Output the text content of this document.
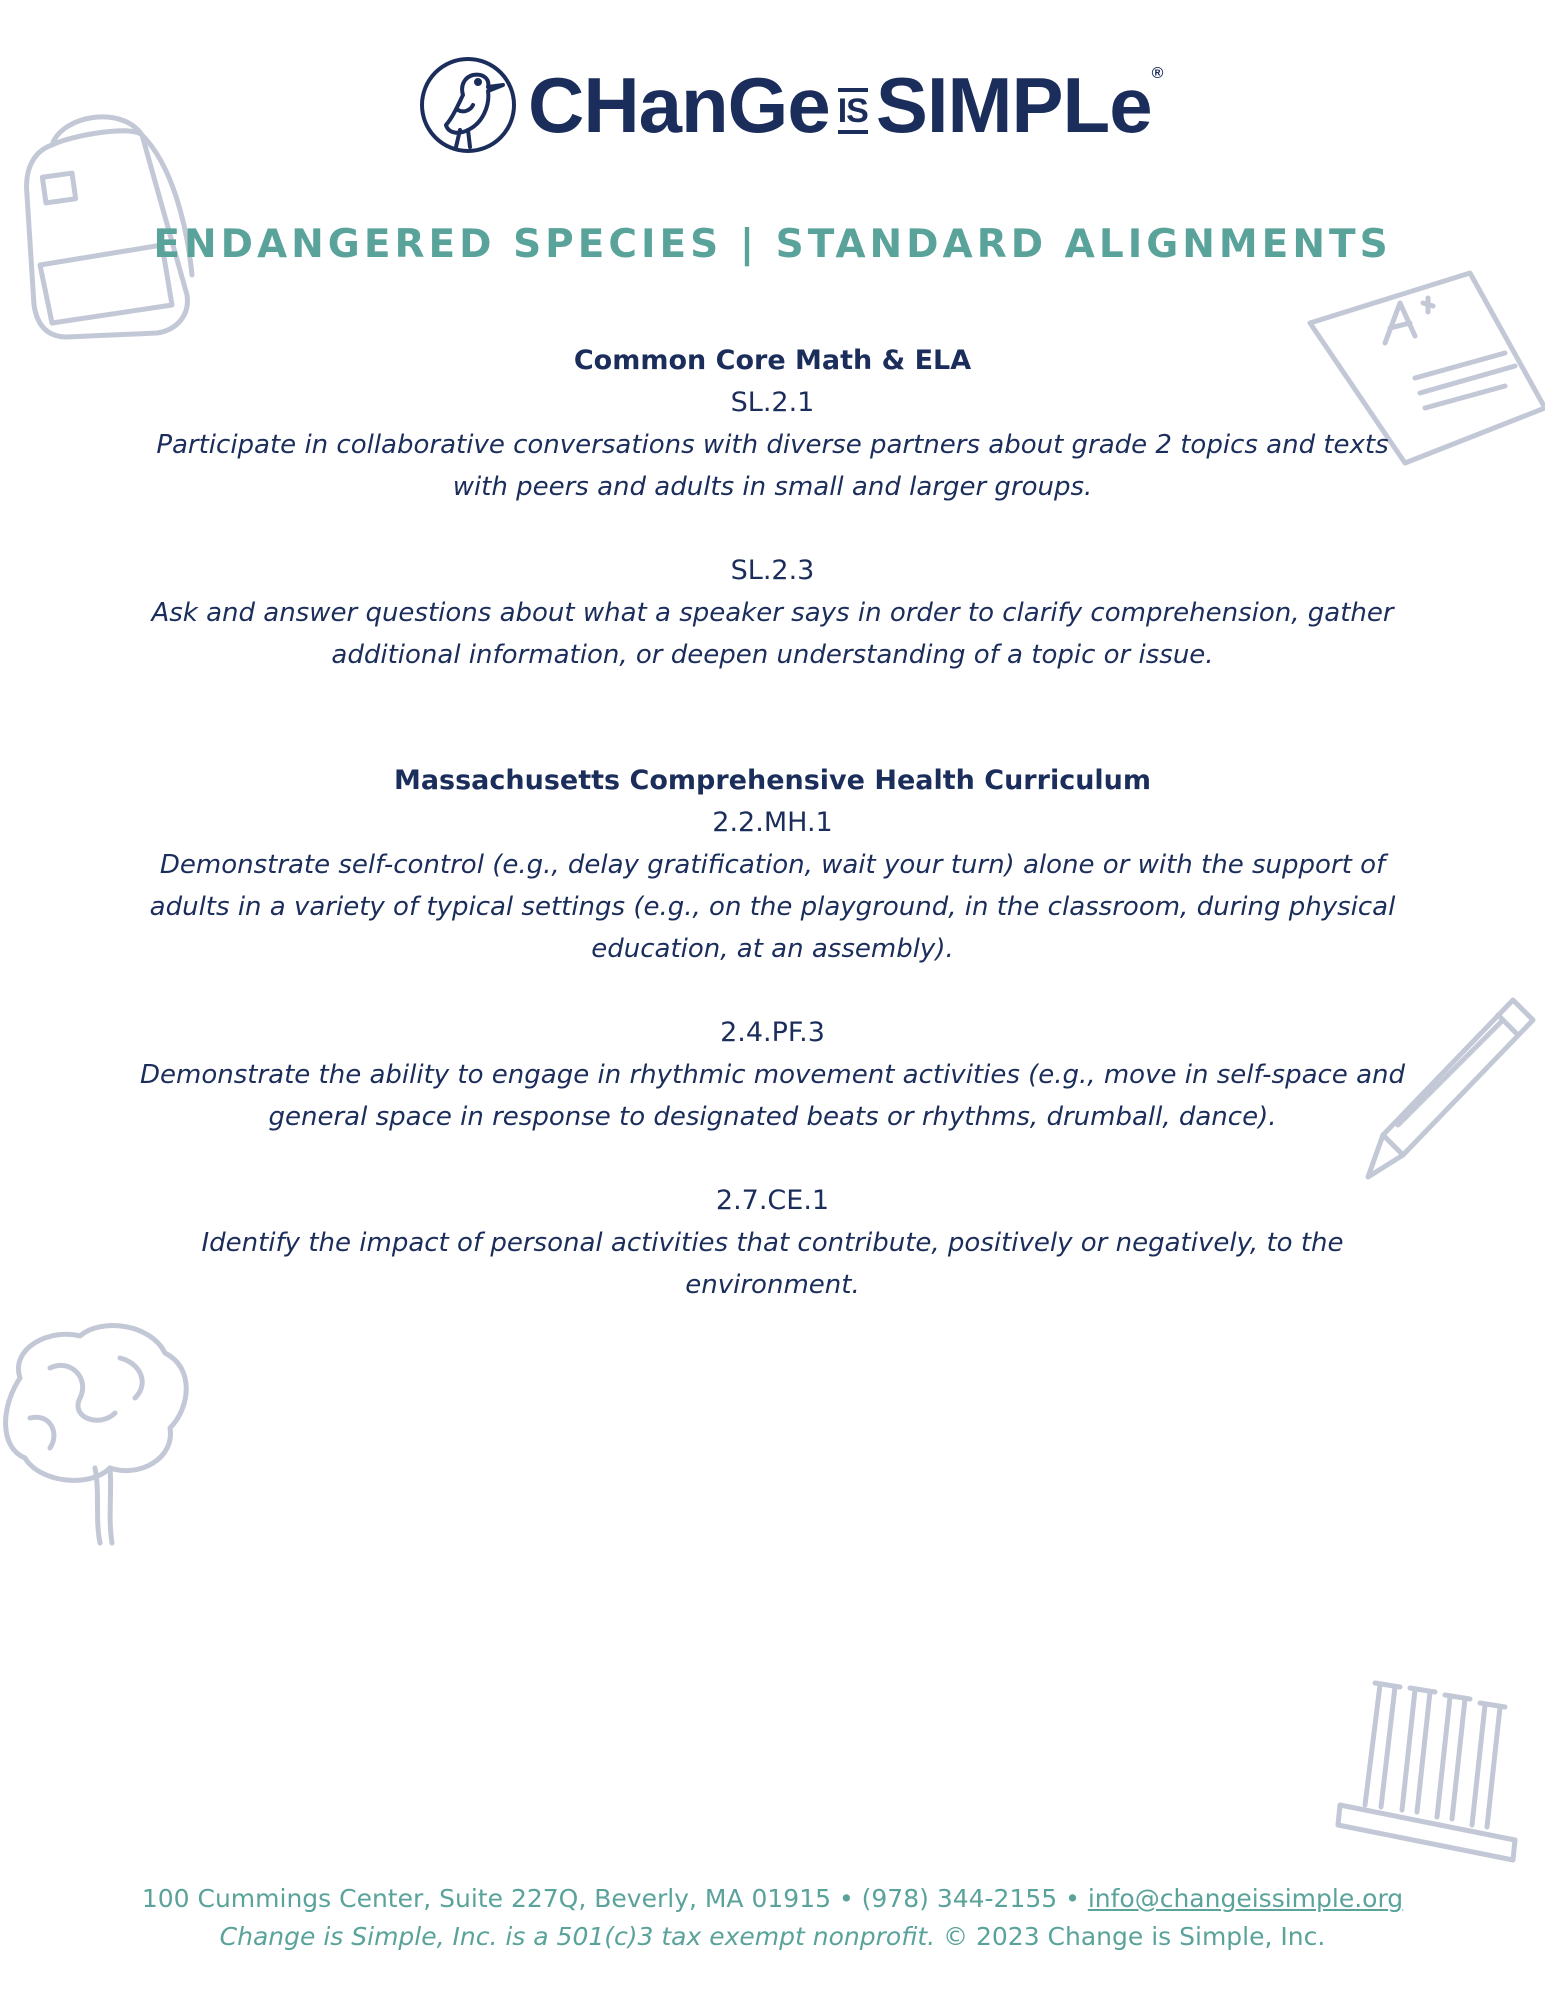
CHanGe IS SIMPLe®
ENDANGERED SPECIES | STANDARD ALIGNMENTS

Common Core Math & ELA

SL.2.1

Participate in collaborative conversations with diverse partners about grade 2 topics and texts with peers and adults in small and larger groups.

SL.2.3

Ask and answer questions about what a speaker says in order to clarify comprehension, gather additional information, or deepen understanding of a topic or issue.

Massachusetts Comprehensive Health Curriculum

2.2.MH.1

Demonstrate self-control (e.g., delay gratification, wait your turn) alone or with the support of adults in a variety of typical settings (e.g., on the playground, in the classroom, during physical education, at an assembly).

2.4.PF.3

Demonstrate the ability to engage in rhythmic movement activities (e.g., move in self-space and general space in response to designated beats or rhythms, drumball, dance).

2.7.CE.1

Identify the impact of personal activities that contribute, positively or negatively, to the environment.

100 Cummings Center, Suite 227Q, Beverly, MA 01915 • (978) 344-2155 • info@changeissimple.org

Change is Simple, Inc. is a 501(c)3 tax exempt nonprofit. © 2023 Change is Simple, Inc.
